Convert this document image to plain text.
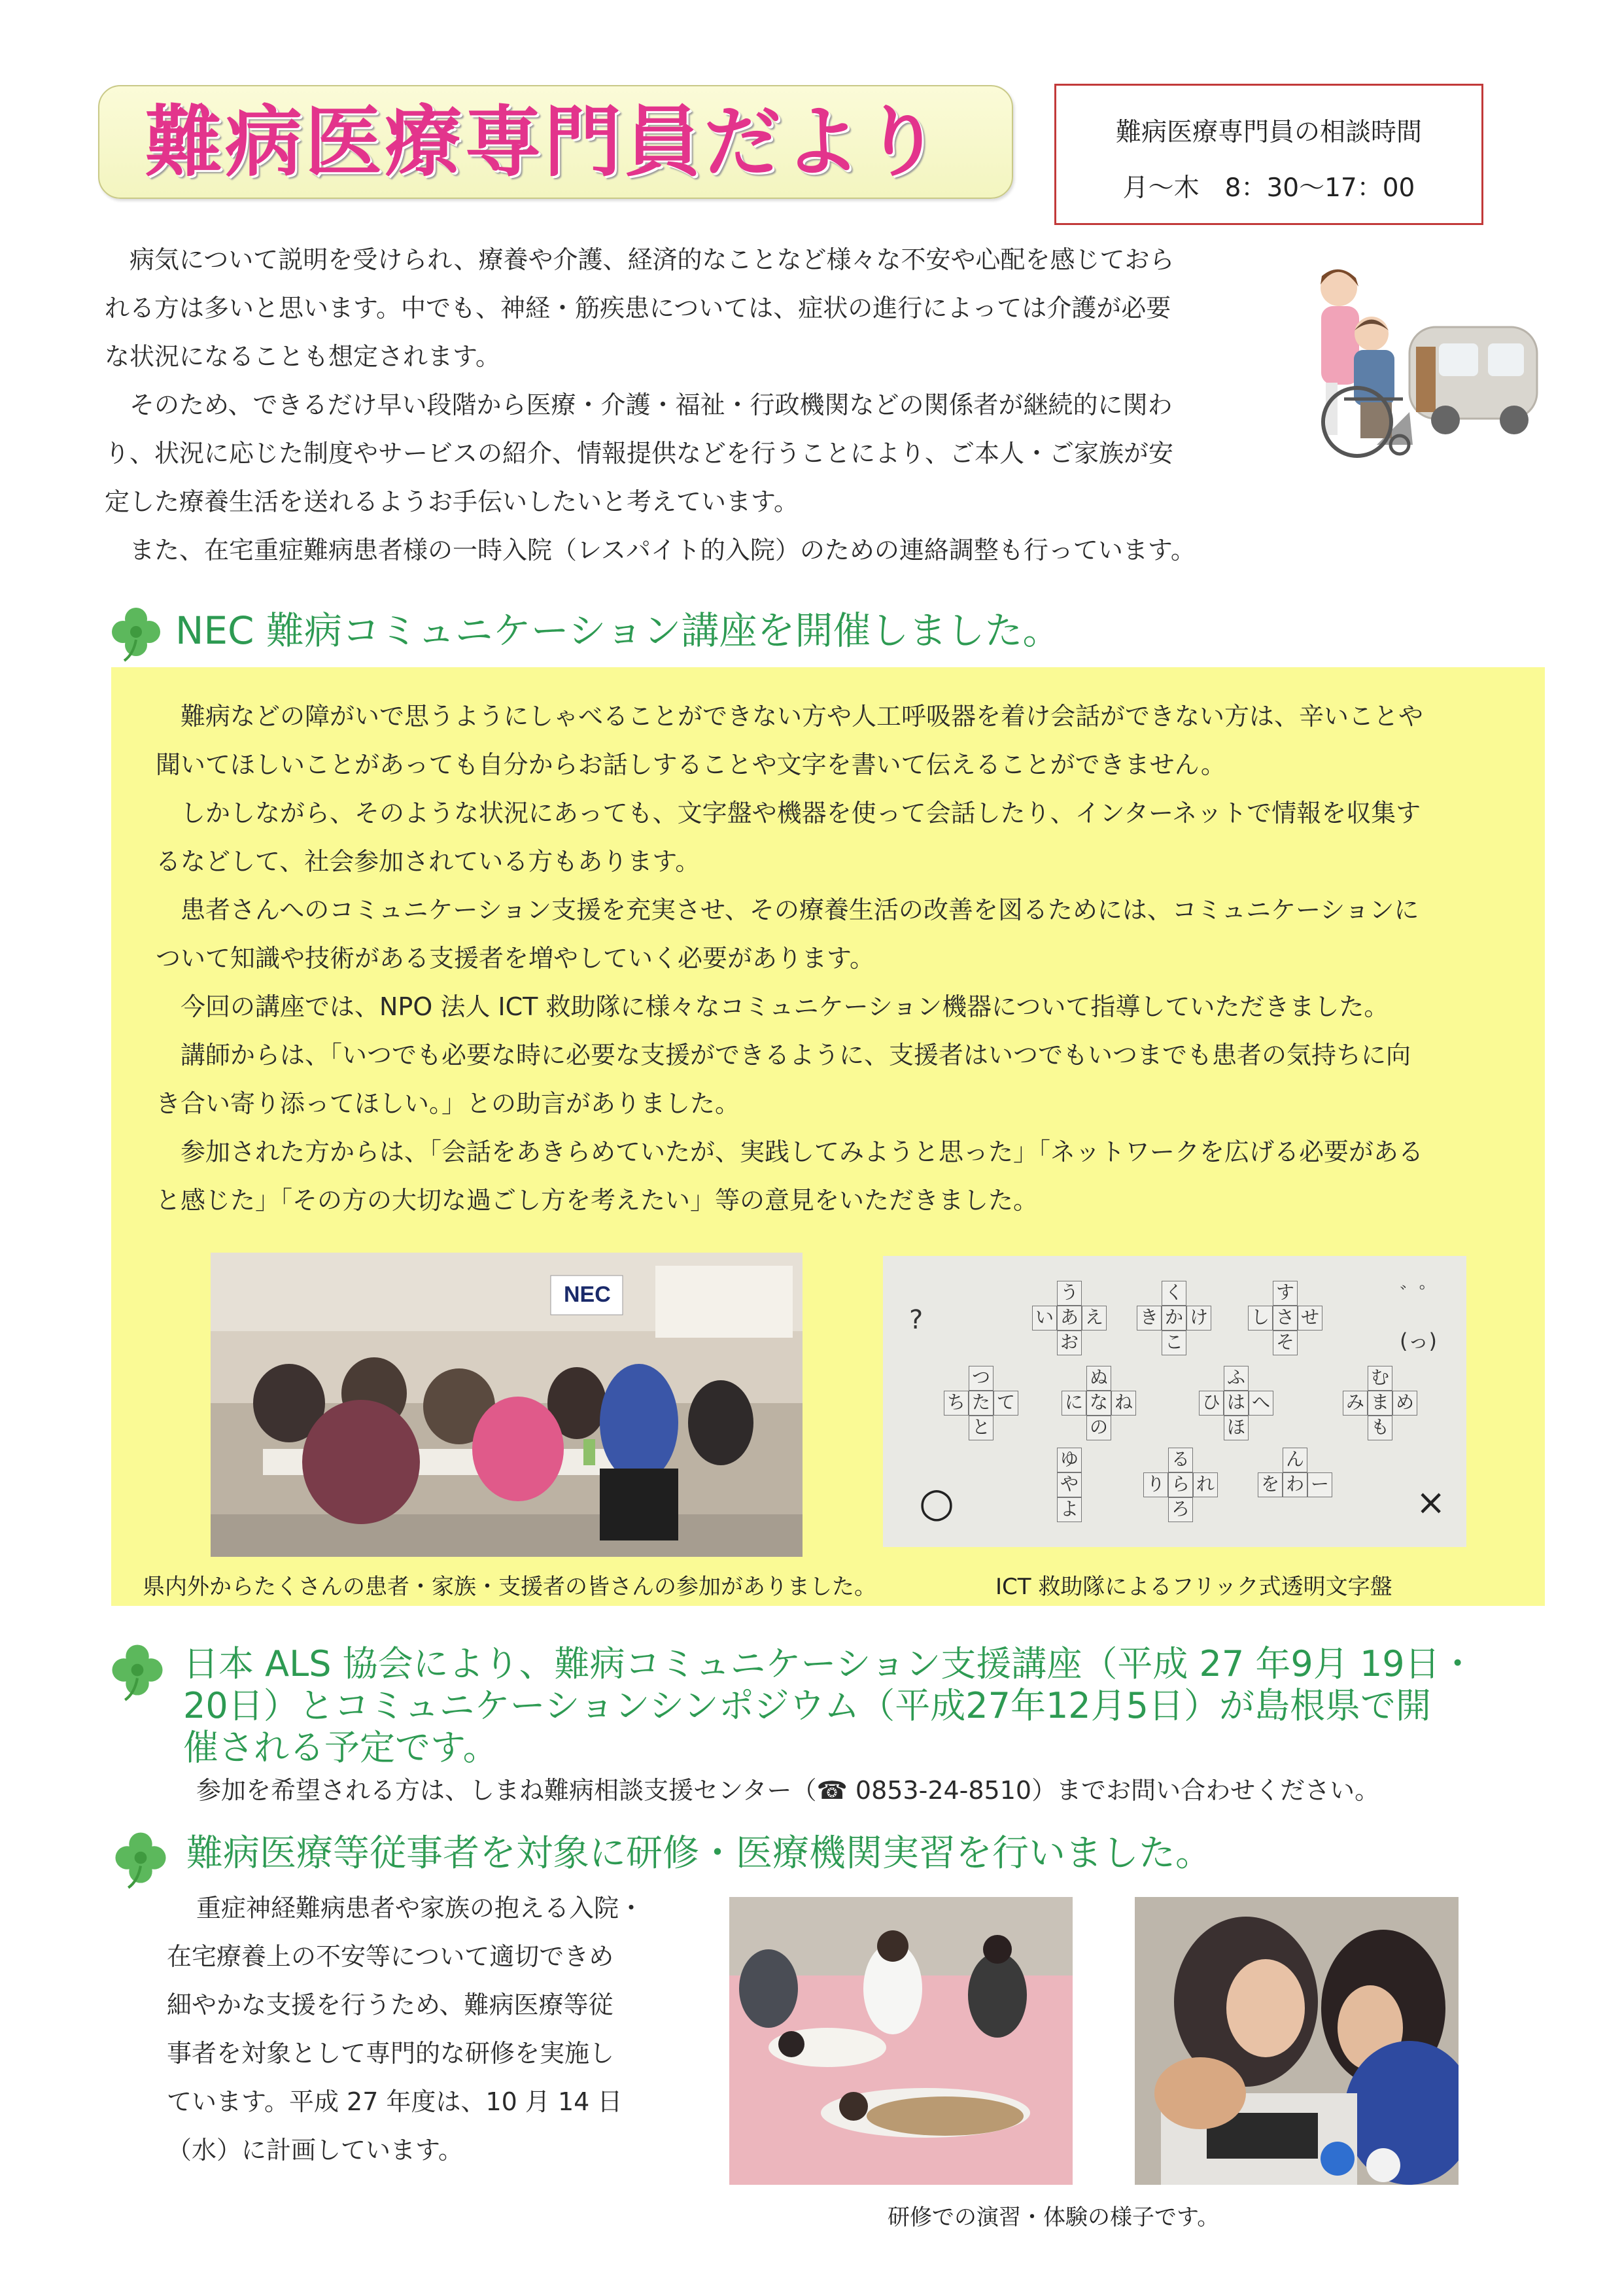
難病医療専門員だより	難病医療専門員の相談時間
月〜木　8：30〜17：00
　病気について説明を受けられ、療養や介護、経済的なことなど様々な不安や心配を感じておら
れる方は多いと思います。中でも、神経・筋疾患については、症状の進行によっては介護が必要
な状況になることも想定されます。
　そのため、できるだけ早い段階から医療・介護・福祉・行政機関などの関係者が継続的に関わ
り、状況に応じた制度やサービスの紹介、情報提供などを行うことにより、ご本人・ご家族が安
定した療養生活を送れるようお手伝いしたいと考えています。
　また、在宅重症難病患者様の一時入院（レスパイト的入院）のための連絡調整も行っています。
NEC 難病コミュニケーション講座を開催しました。
　難病などの障がいで思うようにしゃべることができない方や人工呼吸器を着け会話ができない方は、辛いことや
聞いてほしいことがあっても自分からお話しすることや文字を書いて伝えることができません。
　しかしながら、そのような状況にあっても、文字盤や機器を使って会話したり、インターネットで情報を収集す
るなどして、社会参加されている方もあります。
　患者さんへのコミュニケーション支援を充実させ、その療養生活の改善を図るためには、コミュニケーションに
ついて知識や技術がある支援者を増やしていく必要があります。
　今回の講座では、NPO 法人 ICT 救助隊に様々なコミュニケーション機器について指導していただきました。
　講師からは、「いつでも必要な時に必要な支援ができるように、支援者はいつでもいつまでも患者の気持ちに向
き合い寄り添ってほしい。」との助言がありました。
　参加された方からは、「会話をあきらめていたが、実践してみようと思った」「ネットワークを広げる必要がある
と感じた」「その方の大切な過ごし方を考えたい」等の意見をいただきました。
NEC
?
゛゜
(っ)
○	×
う
い あ え
お
く
き か け
こ
す
し さ せ
そ
つ
ち た て
と
ぬ
に な ね
の
ふ
ひ は へ
ほ
む
み ま め
も
ゆ
や
よ
る
り ら れ
ろ
ん
を わ ー
県内外からたくさんの患者・家族・支援者の皆さんの参加がありました。	ICT 救助隊によるフリック式透明文字盤
日本 ALS 協会により、難病コミュニケーション支援講座（平成 27 年9月 19日・
20日）とコミュニケーションシンポジウム（平成27年12月5日）が島根県で開
催される予定です。
参加を希望される方は、しまね難病相談支援センター（☎ 0853-24-8510）までお問い合わせください。
難病医療等従事者を対象に研修・医療機関実習を行いました。
重症神経難病患者や家族の抱える入院・
在宅療養上の不安等について適切できめ
細やかな支援を行うため、難病医療等従
事者を対象として専門的な研修を実施し
ています。平成 27 年度は、10 月 14 日
（水）に計画しています。
研修での演習・体験の様子です。
